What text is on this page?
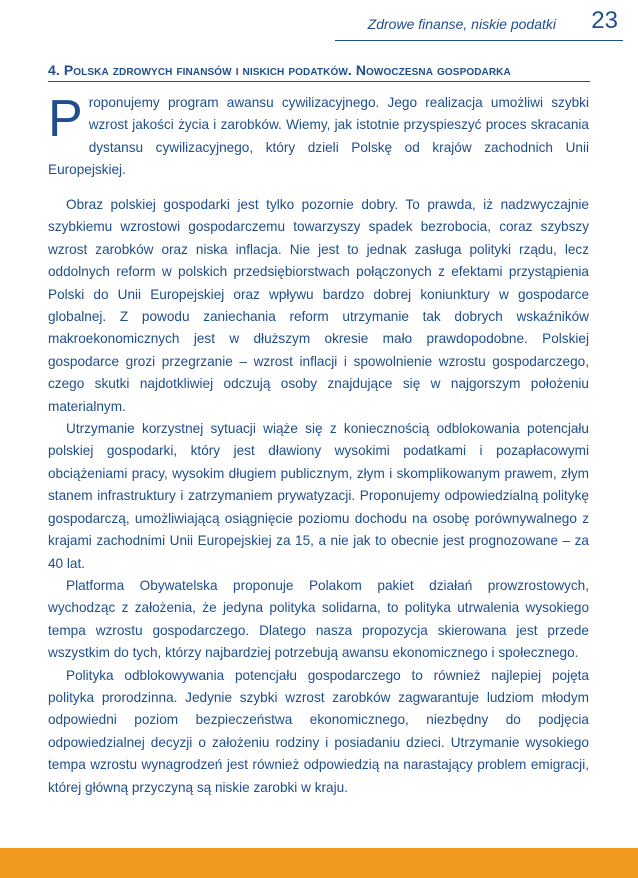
Zdrowe finanse, niskie podatki 23
4. Polska zdrowych finansów i niskich podatków. Nowoczesna gospodarka

Proponujemy program awansu cywilizacyjnego. Jego realizacja umożliwi szybki wzrost jakości życia i zarobków. Wiemy, jak istotnie przyspieszyć proces skracania dystansu cywilizacyjnego, który dzieli Polskę od krajów zachodnich Unii Europejskiej.

Obraz polskiej gospodarki jest tylko pozornie dobry. To prawda, iż nadzwyczajnie szybkiemu wzrostowi gospodarczemu towarzyszy spadek bezrobocia, coraz szybszy wzrost zarobków oraz niska inflacja. Nie jest to jednak zasługa polityki rządu, lecz oddolnych reform w polskich przedsiębiorstwach połączonych z efektami przystąpienia Polski do Unii Europejskiej oraz wpływu bardzo dobrej koniunktury w gospodarce globalnej. Z powodu zaniechania reform utrzymanie tak dobrych wskaźników makroekonomicznych jest w dłuższym okresie mało prawdopodobne. Polskiej gospodarce grozi przegrzanie – wzrost inflacji i spowolnienie wzrostu gospodarczego, czego skutki najdotkliwiej odczują osoby znajdujące się w najgorszym położeniu materialnym.

Utrzymanie korzystnej sytuacji wiąże się z koniecznością odblokowania potencjału polskiej gospodarki, który jest dławiony wysokimi podatkami i pozapłacowymi obciążeniami pracy, wysokim długiem publicznym, złym i skomplikowanym prawem, złym stanem infrastruktury i zatrzymaniem prywatyzacji. Proponujemy odpowiedzialną politykę gospodarczą, umożliwiającą osiągnięcie poziomu dochodu na osobę porównywalnego z krajami zachodnimi Unii Europejskiej za 15, a nie jak to obecnie jest prognozowane – za 40 lat.

Platforma Obywatelska proponuje Polakom pakiet działań prowzrostowych, wychodząc z założenia, że jedyna polityka solidarna, to polityka utrwalenia wysokiego tempa wzrostu gospodarczego. Dlatego nasza propozycja skierowana jest przede wszystkim do tych, którzy najbardziej potrzebują awansu ekonomicznego i społecznego.

Polityka odblokowywania potencjału gospodarczego to również najlepiej pojęta polityka prorodzinna. Jedynie szybki wzrost zarobków zagwarantuje ludziom młodym odpowiedni poziom bezpieczeństwa ekonomicznego, niezbędny do podjęcia odpowiedzialnej decyzji o założeniu rodziny i posiadaniu dzieci. Utrzymanie wysokiego tempa wzrostu wynagrodzeń jest również odpowiedzią na narastający problem emigracji, której główną przyczyną są niskie zarobki w kraju.
